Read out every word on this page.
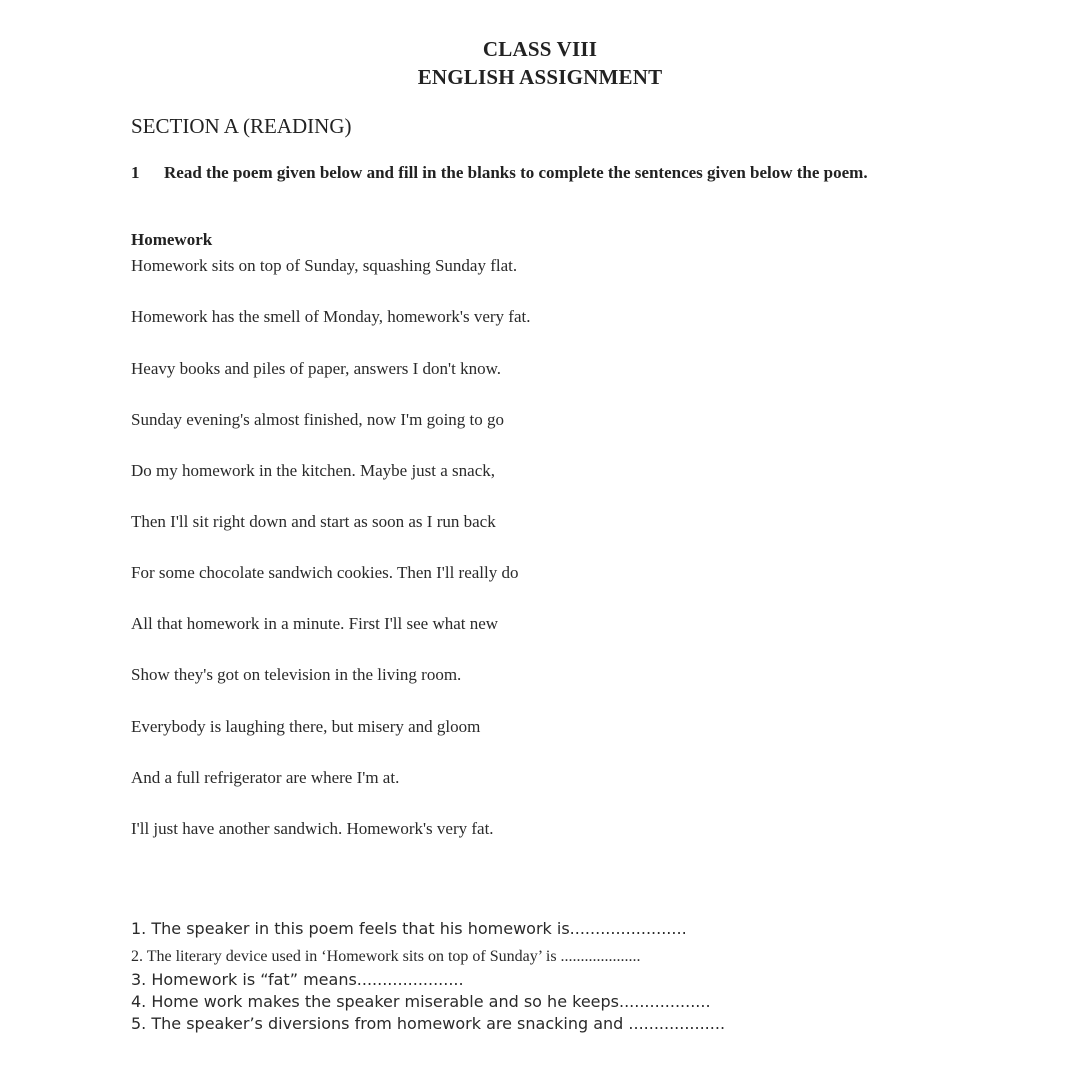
CLASS VIII
ENGLISH ASSIGNMENT
SECTION A (READING)
1 Read the poem given below and fill in the blanks to complete the sentences given below the poem.
Homework
Homework sits on top of Sunday, squashing Sunday flat.
Homework has the smell of Monday, homework's very fat.
Heavy books and piles of paper, answers I don't know.
Sunday evening's almost finished, now I'm going to go
Do my homework in the kitchen. Maybe just a snack,
Then I'll sit right down and start as soon as I run back
For some chocolate sandwich cookies. Then I'll really do
All that homework in a minute. First I'll see what new
Show they's got on television in the living room.
Everybody is laughing there, but misery and gloom
And a full refrigerator are where I'm at.
I'll just have another sandwich. Homework's very fat.
1. The speaker in this poem feels that his homework is.......................
2. The literary device used in ‘Homework sits on top of Sunday’ is ....................
3. Homework is “fat” means.....................
4. Home work makes the speaker miserable and so he keeps..................
5. The speaker’s diversions from homework are snacking and ...................
